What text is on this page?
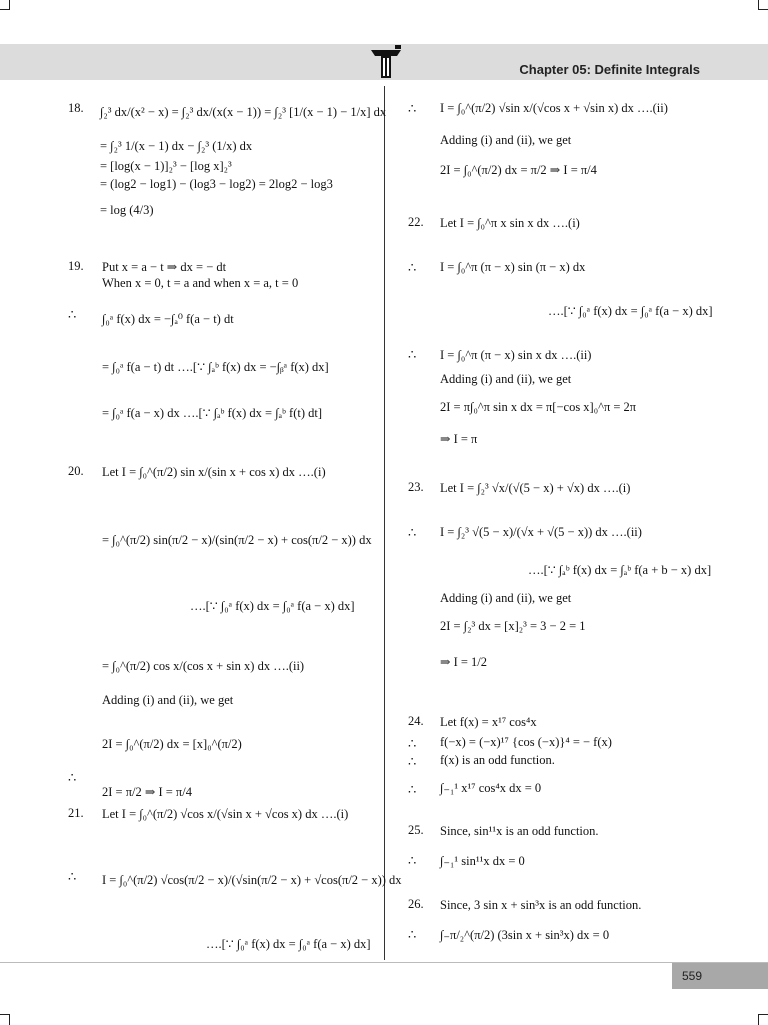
Chapter 05: Definite Integrals
18. ∫₂³ dx/(x² − x) = ∫₂³ dx/(x(x − 1)) = ∫₂³ [1/(x − 1) − 1/x] dx
= ∫₂³ 1/(x − 1) dx − ∫₂³ (1/x) dx
= [log(x − 1)]₂³ − [log x]₂³
= (log2 − log1) − (log3 − log2) = 2log2 − log3
= log (4/3)
19. Put x = a − t ⇒ dx = − dt
When x = 0, t = a and when x = a, t = 0
∫₀ᵃ f(x) dx = −∫ₐ⁰ f(a − t) dt
= ∫₀ᵃ f(a − t) dt ….[∵ ∫ₐᵇ f(x) dx = −∫ᵦᵃ f(x) dx]
= ∫₀ᵃ f(a − x) dx ….[∵ ∫ₐᵇ f(x) dx = ∫ₐᵇ f(t) dt]
∴
20. Let I = ∫₀^(π/2) sin x/(sin x + cos x) dx ….(i)
= ∫₀^(π/2) sin(π/2 − x)/(sin(π/2 − x) + cos(π/2 − x)) dx
….[∵ ∫₀ᵃ f(x) dx = ∫₀ᵃ f(a − x) dx]
= ∫₀^(π/2) cos x/(cos x + sin x) dx ….(ii)
Adding (i) and (ii), we get
2I = ∫₀^(π/2) dx = [x]₀^(π/2)
2I = π/2 ⇒ I = π/4
∴
21. Let I = ∫₀^(π/2) √cos x/(√sin x + √cos x) dx ….(i)
I = ∫₀^(π/2) √cos(π/2 − x)/(√sin(π/2 − x) + √cos(π/2 − x)) dx
….[∵ ∫₀ᵃ f(x) dx = ∫₀ᵃ f(a − x) dx]
∴
∴ I = ∫₀^(π/2) √sin x/(√cos x + √sin x) dx ….(ii)
Adding (i) and (ii), we get
2I = ∫₀^(π/2) dx = π/2 ⇒ I = π/4
22. Let I = ∫₀^π x sin x dx ….(i)
I = ∫₀^π (π − x) sin (π − x) dx
….[∵ ∫₀ᵃ f(x) dx = ∫₀ᵃ f(a − x) dx]
I = ∫₀^π (π − x) sin x dx ….(ii)
Adding (i) and (ii), we get
2I = π∫₀^π sin x dx = π[−cos x]₀^π = 2π
⇒ I = π
∴
∴
23. Let I = ∫₂³ √x/(√(5 − x) + √x) dx ….(i)
I = ∫₂³ √(5 − x)/(√x + √(5 − x)) dx ….(ii)
….[∵ ∫ₐᵇ f(x) dx = ∫ₐᵇ f(a + b − x) dx]
Adding (i) and (ii), we get
2I = ∫₂³ dx = [x]₂³ = 3 − 2 = 1
⇒ I = 1/2
∴
24. Let f(x) = x¹⁷ cos⁴x
f(−x) = (−x)¹⁷ {cos (−x)}⁴ = − f(x)
f(x) is an odd function.
∫₋₁¹ x¹⁷ cos⁴x dx = 0
∴
∴
∴
25. Since, sin¹¹x is an odd function.
∫₋₁¹ sin¹¹x dx = 0
∴
26. Since, 3 sin x + sin³x is an odd function.
∫₋π/₂^(π/2) (3sin x + sin³x) dx = 0
∴
559
